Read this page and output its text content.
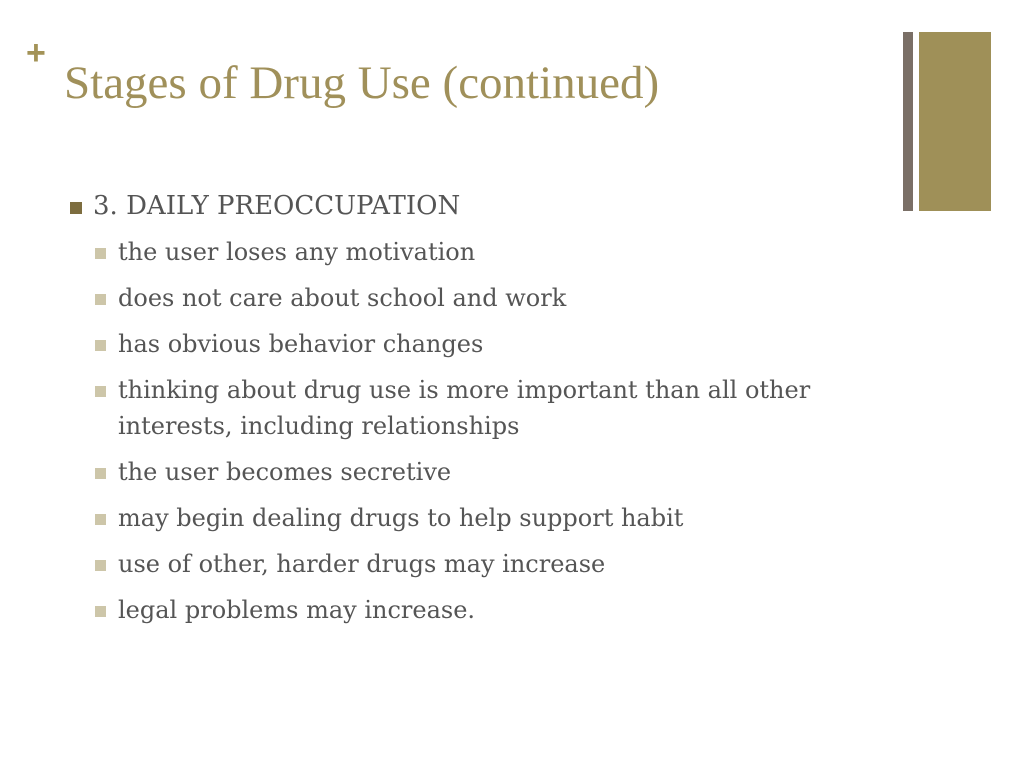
+
Stages of Drug Use (continued)
3. DAILY PREOCCUPATION
the user loses any motivation
does not care about school and work
has obvious behavior changes
thinking about drug use is more important than all other interests, including relationships
the user becomes secretive
may begin dealing drugs to help support habit
use of other, harder drugs may increase
legal problems may increase.
